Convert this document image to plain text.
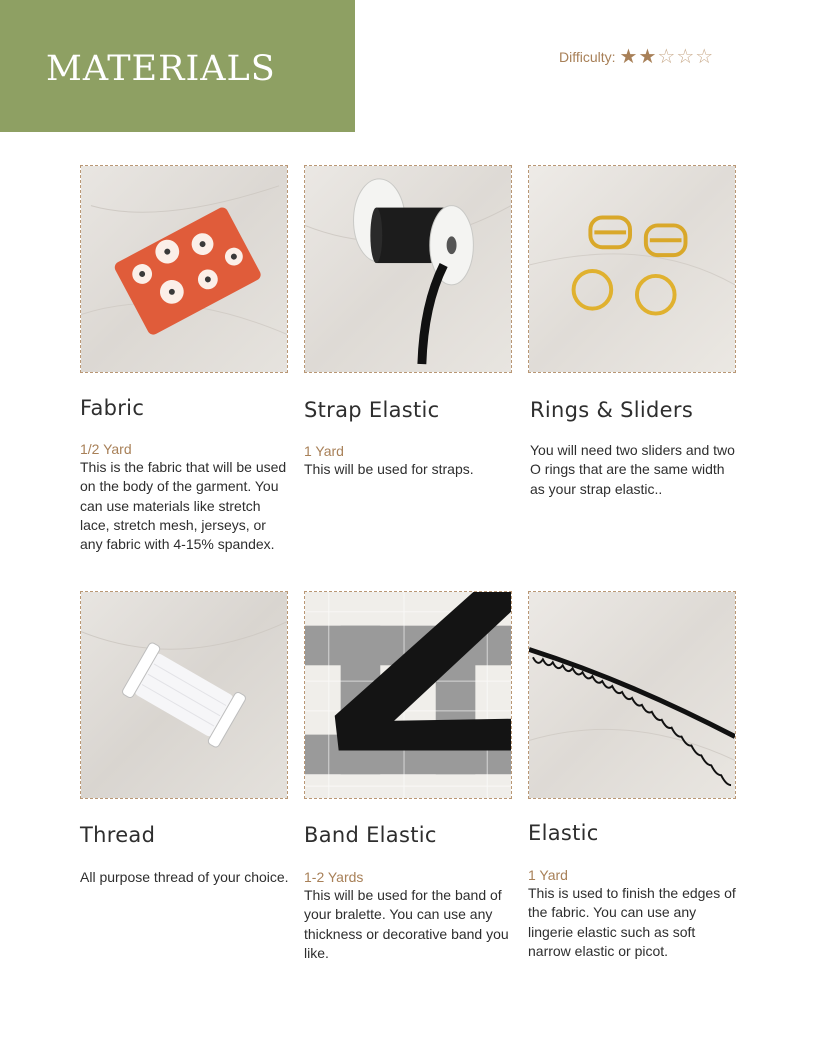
materials	Difficulty: ★ ★ ☆ ☆ ☆
Fabric
1/2 Yard

This is the fabric that will be used on the body of the garment. You can use materials like stretch lace, stretch mesh, jerseys, or any fabric with 4-15% spandex.

Strap Elastic
1 Yard

This will be used for straps.

Rings & Sliders

You will need two sliders and two O rings that are the same width as your strap elastic..

Thread

All purpose thread of your choice.

Band Elastic
1-2 Yards

This will be used for the band of your bralette. You can use any thickness or decorative band you like.

Elastic
1 Yard

This is used to finish the edges of the fabric. You can use any lingerie elastic such as soft narrow elastic or picot.
